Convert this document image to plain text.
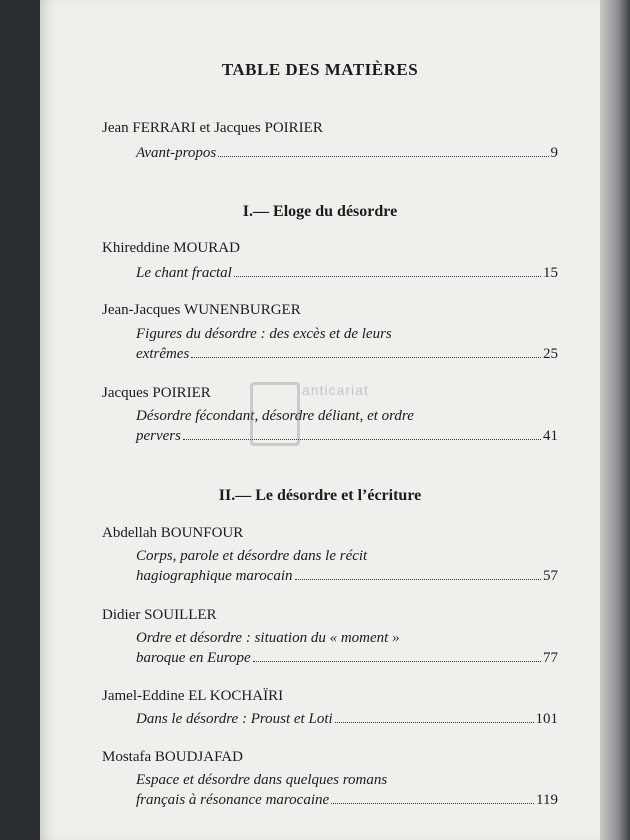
TABLE DES MATIÈRES
Jean FERRARI et Jacques POIRIER
Avant-propos	9
I.— Eloge du désordre
Khireddine MOURAD
Le chant fractal	15
Jean-Jacques WUNENBURGER
Figures du désordre : des excès et de leurs
extrêmes	25
Jacques POIRIER
Désordre fécondant, désordre déliant, et ordre
pervers	41
II.— Le désordre et l’écriture
Abdellah BOUNFOUR
Corps, parole et désordre dans le récit
hagiographique marocain	57
Didier SOUILLER
Ordre et désordre : situation du « moment »
baroque en Europe	77
Jamel-Eddine EL KOCHAÏRI
Dans le désordre : Proust et Loti	101
Mostafa BOUDJAFAD
Espace et désordre dans quelques romans
français à résonance marocaine	119
anticariat
